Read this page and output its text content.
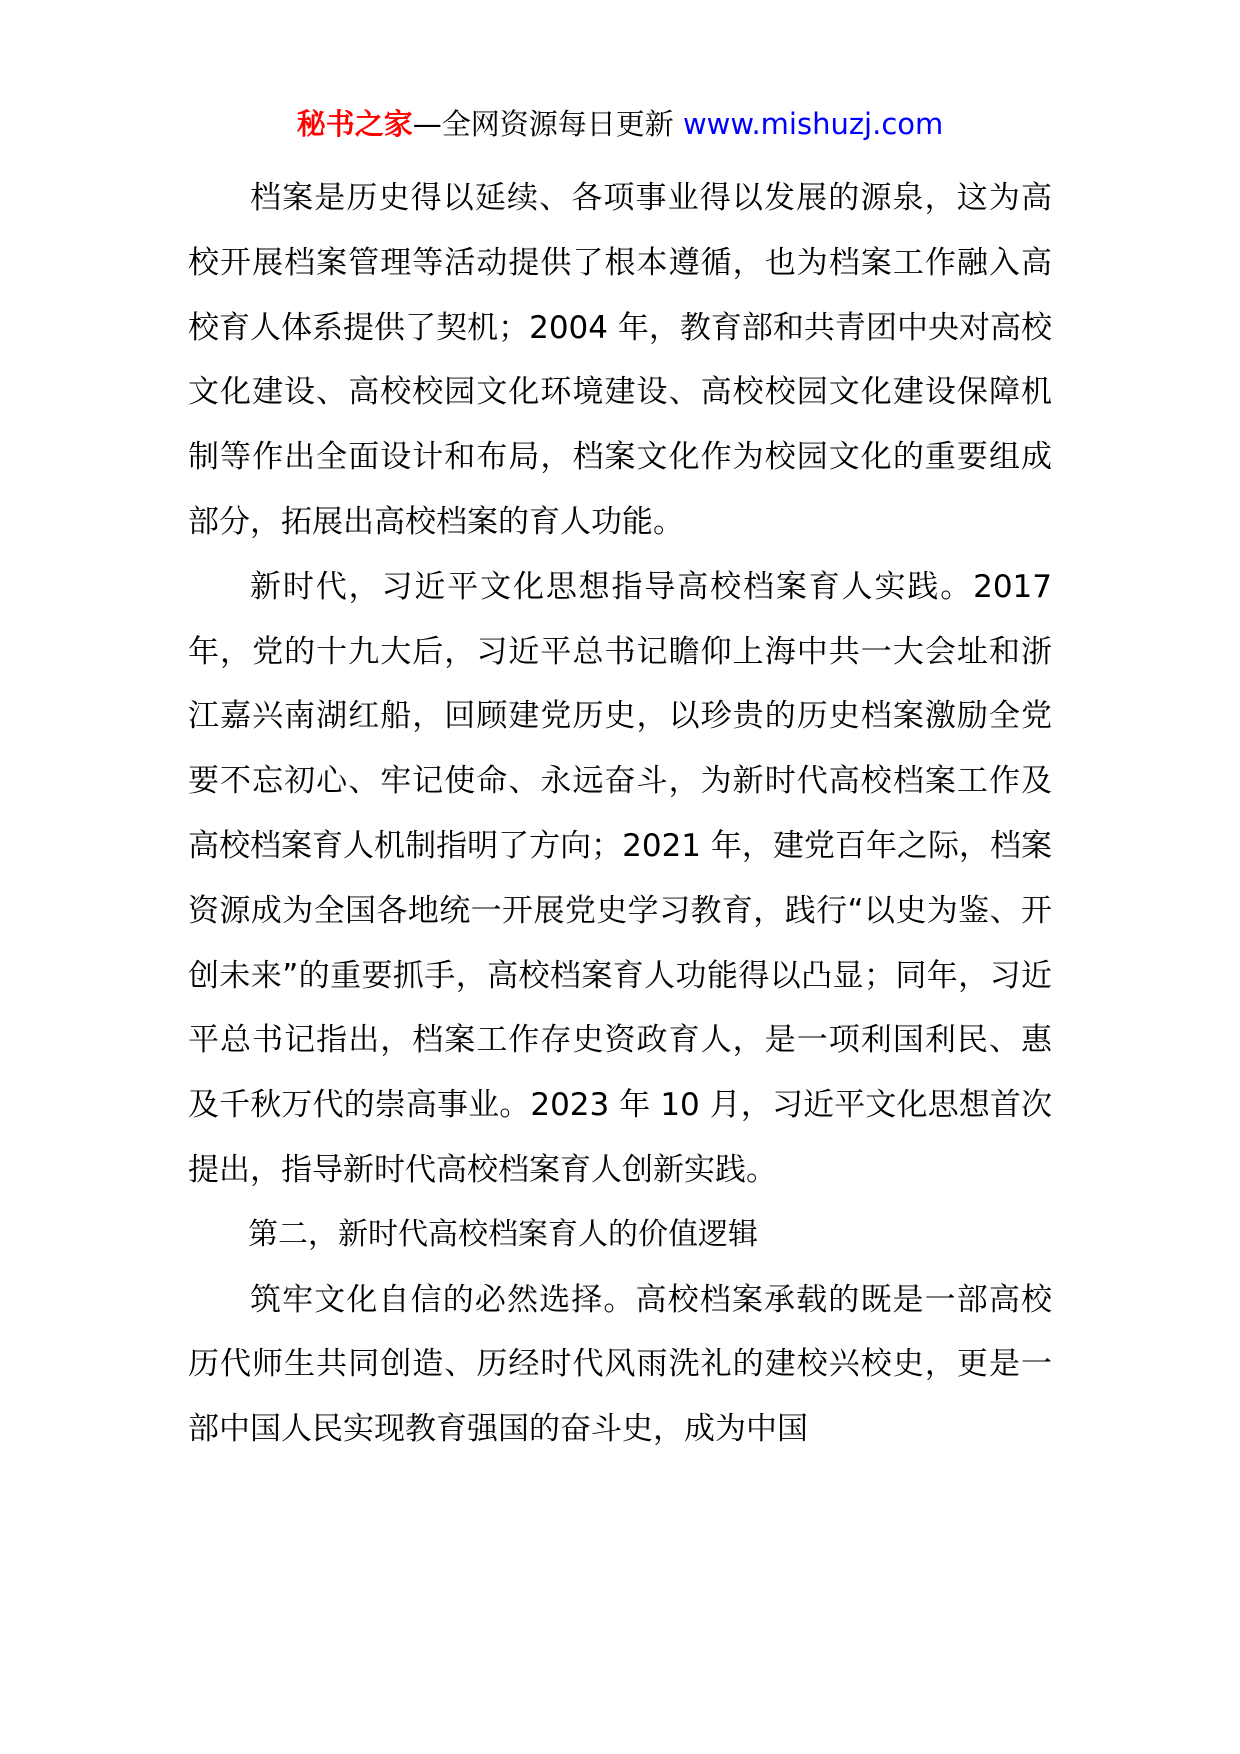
秘书之家—全网资源每日更新 www.mishuzj.com

档案是历史得以延续、各项事业得以发展的源泉，这为高校开展档案管理等活动提供了根本遵循，也为档案工作融入高校育人体系提供了契机；2004 年，教育部和共青团中央对高校文化建设、高校校园文化环境建设、高校校园文化建设保障机制等作出全面设计和布局，档案文化作为校园文化的重要组成部分，拓展出高校档案的育人功能。

新时代，习近平文化思想指导高校档案育人实践。2017 年，党的十九大后，习近平总书记瞻仰上海中共一大会址和浙江嘉兴南湖红船，回顾建党历史，以珍贵的历史档案激励全党要不忘初心、牢记使命、永远奋斗，为新时代高校档案工作及高校档案育人机制指明了方向；2021 年，建党百年之际，档案资源成为全国各地统一开展党史学习教育，践行“以史为鉴、开创未来”的重要抓手，高校档案育人功能得以凸显；同年，习近平总书记指出，档案工作存史资政育人，是一项利国利民、惠及千秋万代的崇高事业。2023 年 10 月，习近平文化思想首次提出，指导新时代高校档案育人创新实践。

第二，新时代高校档案育人的价值逻辑

筑牢文化自信的必然选择。高校档案承载的既是一部高校历代师生共同创造、历经时代风雨洗礼的建校兴校史，更是一部中国人民实现教育强国的奋斗史，成为中国
